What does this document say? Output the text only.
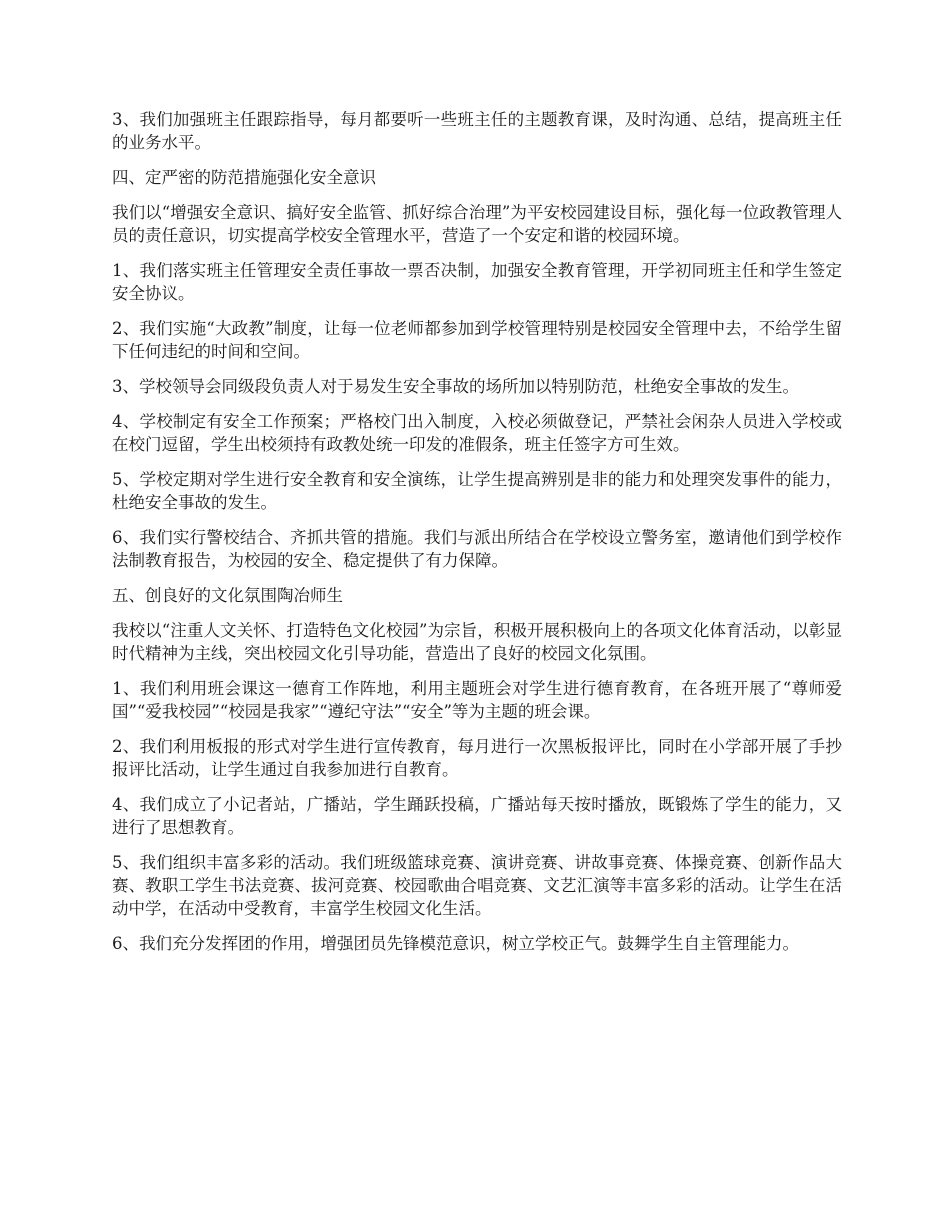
3、我们加强班主任跟踪指导，每月都要听一些班主任的主题教育课，及时沟通、总结，提高班主任的业务水平。

四、定严密的防范措施强化安全意识

我们以“增强安全意识、搞好安全监管、抓好综合治理”为平安校园建设目标，强化每一位政教管理人员的责任意识，切实提高学校安全管理水平，营造了一个安定和谐的校园环境。

1、我们落实班主任管理安全责任事故一票否决制，加强安全教育管理，开学初同班主任和学生签定安全协议。

2、我们实施“大政教”制度，让每一位老师都参加到学校管理特别是校园安全管理中去，不给学生留下任何违纪的时间和空间。

3、学校领导会同级段负责人对于易发生安全事故的场所加以特别防范，杜绝安全事故的发生。

4、学校制定有安全工作预案；严格校门出入制度，入校必须做登记，严禁社会闲杂人员进入学校或在校门逗留，学生出校须持有政教处统一印发的准假条，班主任签字方可生效。

5、学校定期对学生进行安全教育和安全演练，让学生提高辨别是非的能力和处理突发事件的能力，杜绝安全事故的发生。

6、我们实行警校结合、齐抓共管的措施。我们与派出所结合在学校设立警务室，邀请他们到学校作法制教育报告，为校园的安全、稳定提供了有力保障。

五、创良好的文化氛围陶冶师生

我校以“注重人文关怀、打造特色文化校园”为宗旨，积极开展积极向上的各项文化体育活动，以彰显时代精神为主线，突出校园文化引导功能，营造出了良好的校园文化氛围。

1、我们利用班会课这一德育工作阵地，利用主题班会对学生进行德育教育，在各班开展了“尊师爱国”“爱我校园”“校园是我家”“遵纪守法”“安全”等为主题的班会课。

2、我们利用板报的形式对学生进行宣传教育，每月进行一次黑板报评比，同时在小学部开展了手抄报评比活动，让学生通过自我参加进行自教育。

4、我们成立了小记者站，广播站，学生踊跃投稿，广播站每天按时播放，既锻炼了学生的能力，又进行了思想教育。

5、我们组织丰富多彩的活动。我们班级篮球竞赛、演讲竞赛、讲故事竞赛、体操竞赛、创新作品大赛、教职工学生书法竞赛、拔河竞赛、校园歌曲合唱竞赛、文艺汇演等丰富多彩的活动。让学生在活动中学，在活动中受教育，丰富学生校园文化生活。

6、我们充分发挥团的作用，增强团员先锋模范意识，树立学校正气。鼓舞学生自主管理能力。
